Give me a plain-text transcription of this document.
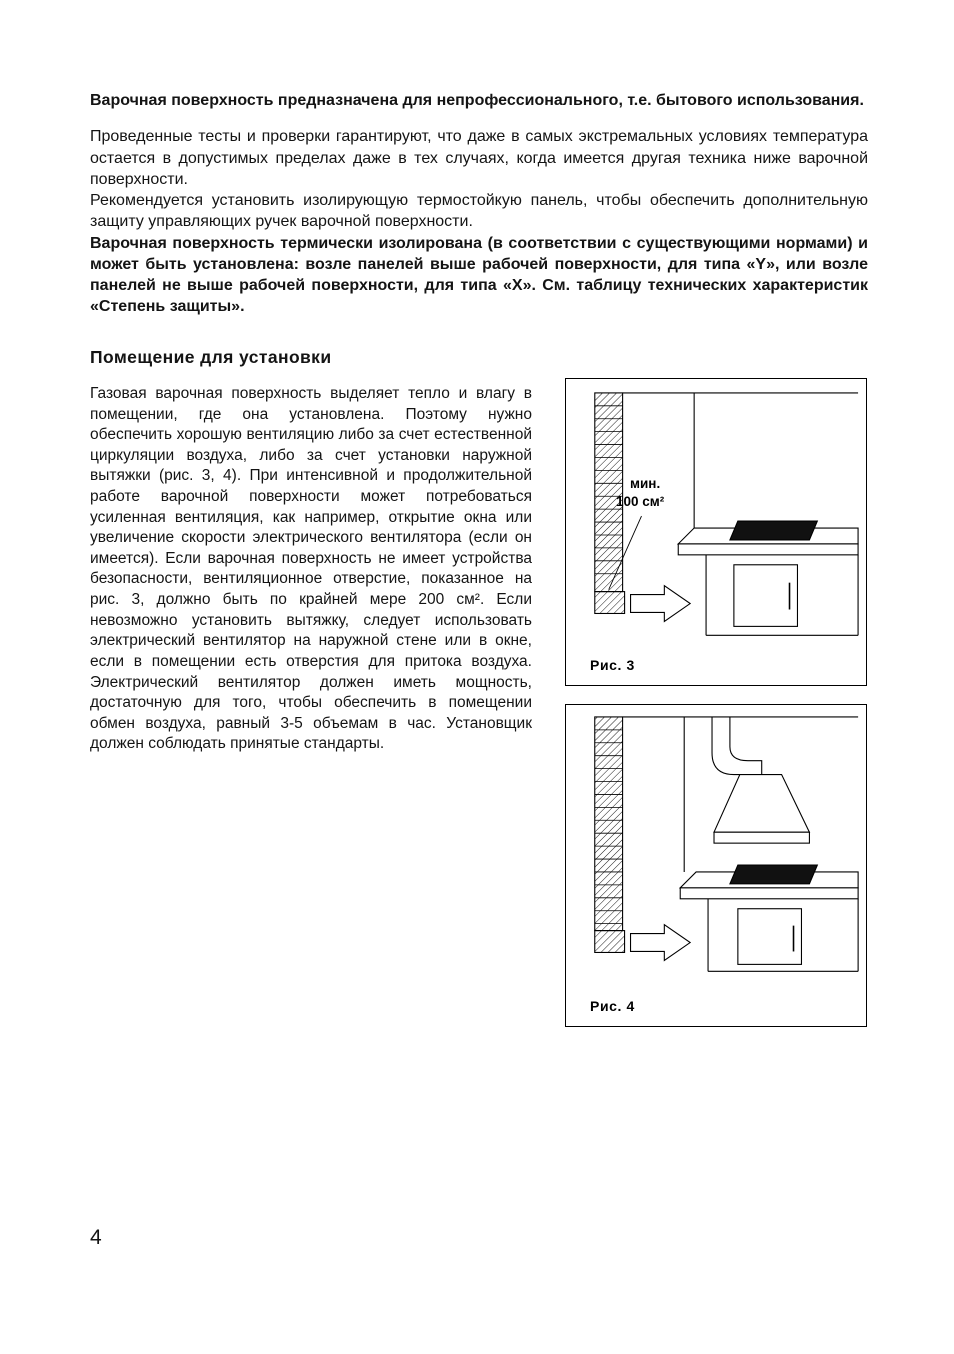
Варочная поверхность предназначена для непрофессионального, т.е. бытового использования.

Проведенные тесты и проверки гарантируют, что даже в самых экстремальных условиях температура остается в допустимых пределах даже в тех случаях, когда имеется другая техника ниже варочной поверхности.

Рекомендуется установить изолирующую термостойкую панель, чтобы обеспечить дополнительную защиту управляющих ручек варочной поверхности.

Варочная поверхность термически изолирована (в соответствии с существующими нормами) и может быть установлена: возле панелей выше рабочей поверхности, для типа «Y», или возле панелей не выше рабочей поверхности, для типа «X». См. таблицу технических характеристик «Степень защиты».

Помещение для установки
Газовая варочная поверхность выделяет тепло и влагу в помещении, где она установлена. Поэтому нужно обеспечить хорошую вентиляцию либо за счет естественной циркуляции воздуха, либо за счет установки наружной вытяжки (рис. 3, 4). При интенсивной и продолжительной работе варочной поверхности может потребоваться усиленная вентиляция, как например, открытие окна или увеличение скорости электрического вентилятора (если он имеется). Если варочная поверхность не имеет устройства безопасности, вентиляционное отверстие, показанное на рис. 3, должно быть по крайней мере 200 см². Если невозможно установить вытяжку, следует использовать электрический вентилятор на наружной стене или в окне, если в помещении есть отверстия для притока воздуха. Электрический вентилятор должен иметь мощность, достаточную для того, чтобы обеспечить в помещении обмен воздуха, равный 3-5 объемам в час. Установщик должен соблюдать принятые стандарты.
мин.
100 см²
Рис. 3
Рис. 4
4
